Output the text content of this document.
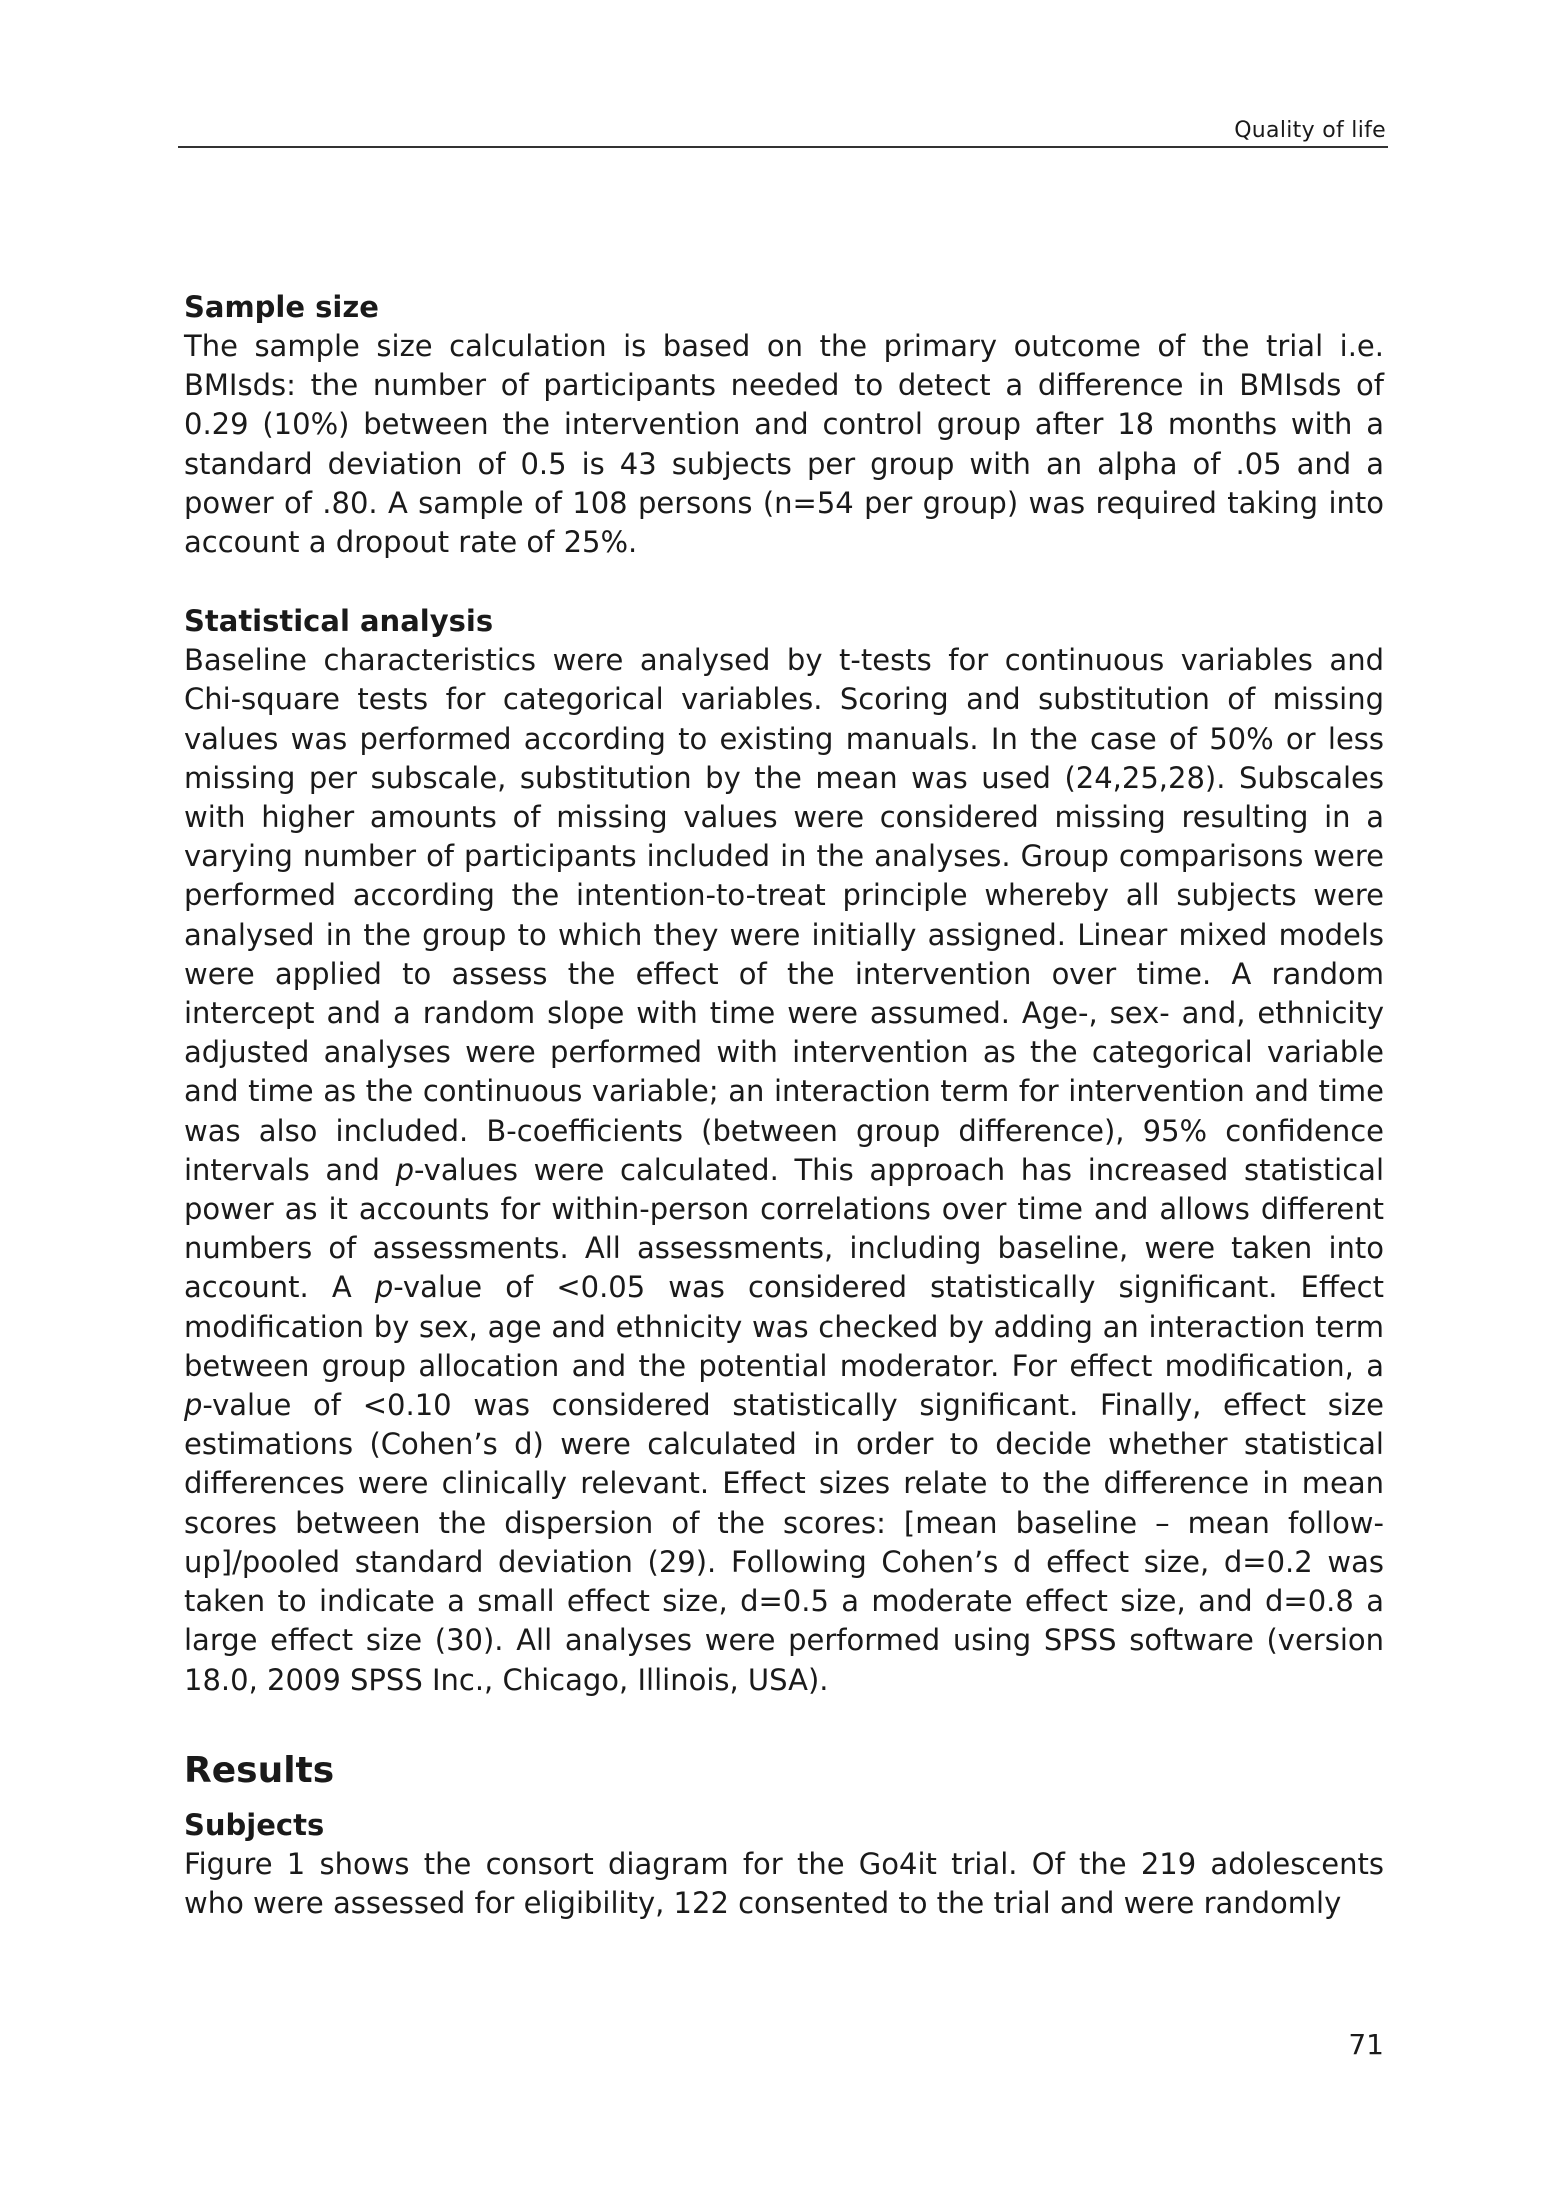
Quality of life
Sample size

The sample size calculation is based on the primary outcome of the trial i.e. BMIsds: the number of participants needed to detect a difference in BMIsds of 0.29 (10%) between the intervention and control group after 18 months with a standard deviation of 0.5 is 43 subjects per group with an alpha of .05 and a power of .80. A sample of 108 persons (n=54 per group) was required taking into account a dropout rate of 25%.

Statistical analysis

Baseline characteristics were analysed by t-tests for continuous variables and Chi-square tests for categorical variables. Scoring and substitution of missing values was performed according to existing manuals. In the case of 50% or less missing per subscale, substitution by the mean was used (24,25,28). Subscales with higher amounts of missing values were considered missing resulting in a varying number of participants included in the analyses. Group comparisons were performed according the intention-to-treat principle whereby all subjects were analysed in the group to which they were initially assigned. Linear mixed models were applied to assess the effect of the intervention over time. A random intercept and a random slope with time were assumed. Age-, sex- and, ethnicity adjusted analyses were performed with intervention as the categorical variable and time as the continuous variable; an interaction term for intervention and time was also included. B-coefficients (between group difference), 95% confidence intervals and p-values were calculated. This approach has increased statistical power as it accounts for within-person correlations over time and allows different numbers of assessments. All assessments, including baseline, were taken into account. A p-value of <0.05 was considered statistically significant. Effect modification by sex, age and ethnicity was checked by adding an interaction term between group allocation and the potential moderator. For effect modification, a p-value of <0.10 was considered statistically significant. Finally, effect size estimations (Cohen’s d) were calculated in order to decide whether statistical differences were clinically relevant. Effect sizes relate to the difference in mean scores between the dispersion of the scores: [mean baseline – mean follow-up]/pooled standard deviation (29). Following Cohen’s d effect size, d=0.2 was taken to indicate a small effect size, d=0.5 a moderate effect size, and d=0.8 a large effect size (30). All analyses were performed using SPSS software (version 18.0, 2009 SPSS Inc., Chicago, Illinois, USA).

Results
Subjects

Figure 1 shows the consort diagram for the Go4it trial. Of the 219 adolescents who were assessed for eligibility, 122 consented to the trial and were randomly

71
